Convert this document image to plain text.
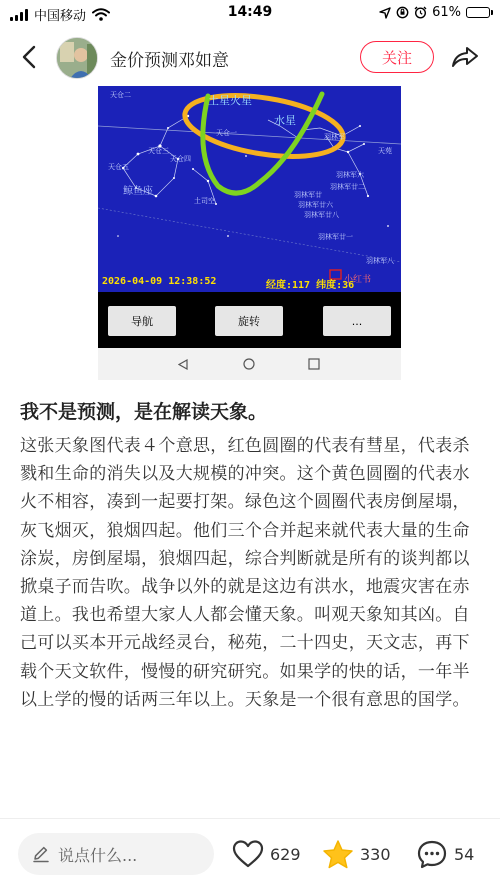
中国移动	14:49	61%
金价预测邓如意	关注
土星火星
水星
鲸鱼座
天仓二
天仓一
天仓三
天仓五
天仓四
土司空
羽林军
羽林军六
羽林军廿六
羽林军廿八
羽林军廿
羽林军廿二
羽林军廿一
羽林军八
天苑
2026-04-09 12:38:52	经度:117 纬度:36
小红书
导航	旋转	...
我不是预测，是在解读天象。
这张天象图代表４个意思，红色圆圈的代表有彗星，代表杀戮和生命的消失以及大规模的冲突。这个黄色圆圈的代表水火不相容，凑到一起要打架。绿色这个圆圈代表房倒屋塌，灰飞烟灭，狼烟四起。他们三个合并起来就代表大量的生命涂炭，房倒屋塌，狼烟四起，综合判断就是所有的谈判都以掀桌子而告吹。战争以外的就是这边有洪水，地震灾害在赤道上。我也希望大家人人都会懂天象。叫观天象知其凶。自己可以买本开元战经灵台，秘苑，二十四史，天文志，再下载个天文软件，慢慢的研究研究。如果学的快的话，一年半以上学的慢的话两三年以上。天象是一个很有意思的国学。
说点什么...	629	330	54
